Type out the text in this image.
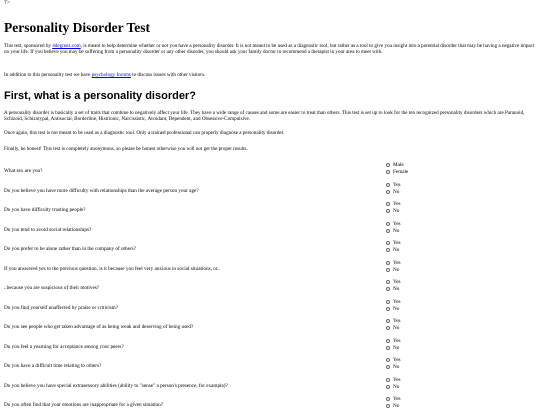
?>
Personality Disorder Test

This test, sponsored by 4degreez.com, is meant to help determine whether or not you have a personality disorder. It is not meant to be used as a diagnostic tool, but rather as a tool to give you insight into a potential disorder that may be having a negative impact on your life. If you believe you may be suffering from a personality disorder or any other disorder, you should ask your family doctor to recommend a therapist in your area to meet with.

In addition to this personality test we have psychology forums to discuss issues with other visitors.

First, what is a personality disorder?

A personality disorder is basically a set of traits that combine to negatively affect your life. They have a wide range of causes and some are easier to treat than others. This test is set up to look for the ten recognized personality disorders which are Paranoid, Schizoid, Schizotypal, Antisocial, Borderline, Histrionic, Narcissistic, Avoidant, Dependent, and Obsessive-Compulsive.

Once again, this test is not meant to be used as a diagnostic tool. Only a trained professional can properly diagnose a personality disorder.

Finally, be honest! This test is completely anonymous, so please be honest otherwise you will not get the proper results.

What sex are you?
Male
Female
Do you believe you have more difficulty with relationships than the average person your age?
Yes
No
Do you have difficulty trusting people?
Yes
No
Do you tend to avoid social relationships?
Yes
No
Do you prefer to be alone rather than in the company of others?
Yes
No
If you answered yes to the previous question, is it because you feel very anxious in social situations, or..
Yes
No
..because you are suspicious of their motives?
Yes
No
Do you find yourself unaffected by praise or criticism?
Yes
No
Do you see people who get taken advantage of as being weak and deserving of being used?
Yes
No
Do you feel a yearning for acceptance among your peers?
Yes
No
Do you have a difficult time relating to others?
Yes
No
Do you believe you have special extrasensory abilities (ability to "sense" a person's presence, for example)?
Yes
No
Do you often find that your emotions are inappropriate for a given situation?
Yes
No
